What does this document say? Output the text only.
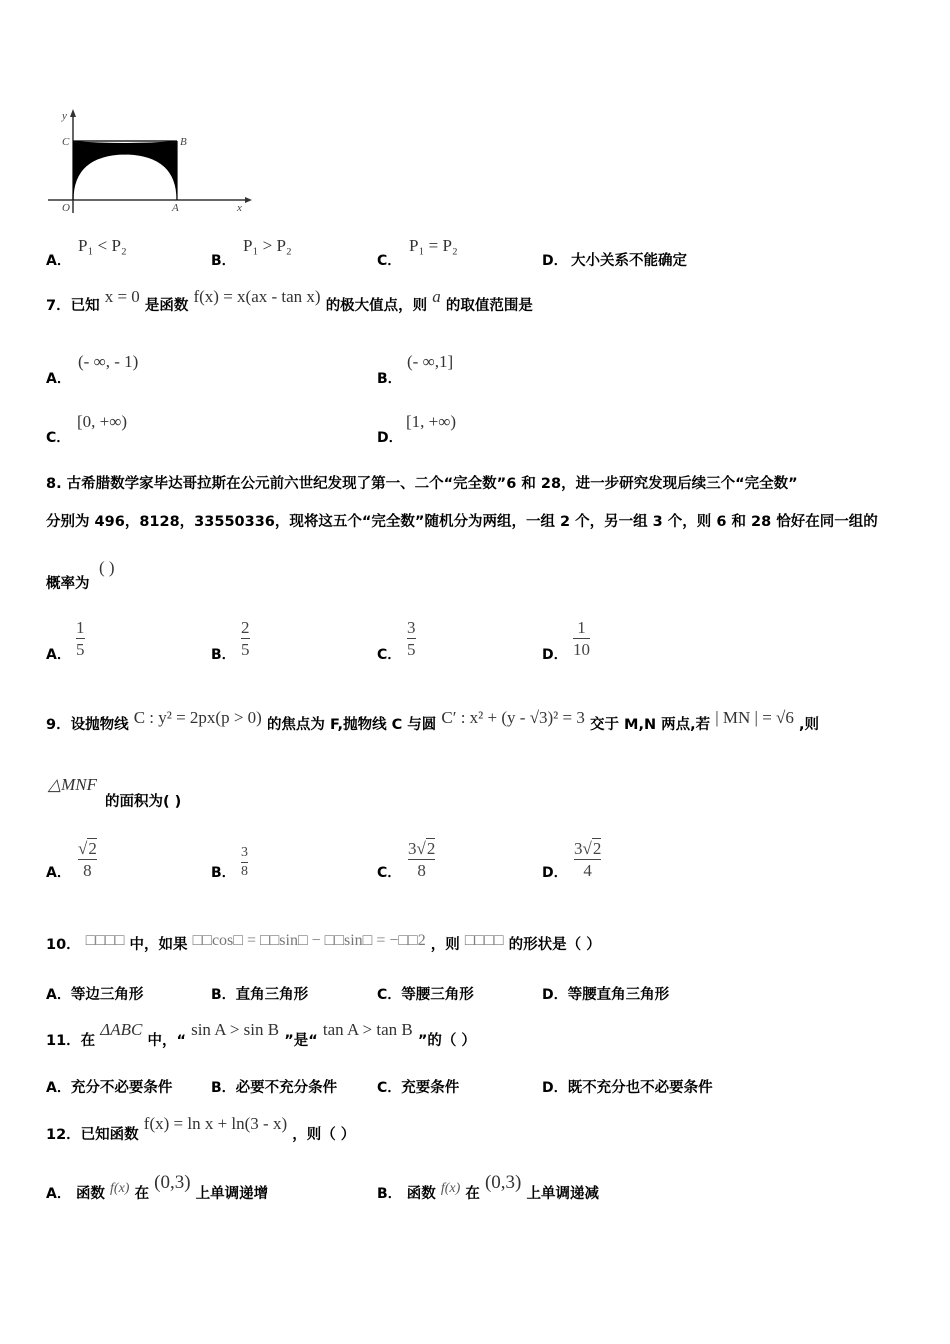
y
x
O	A
B
C
A．
P₁ < P₂
B．
P₁ > P₂
C．
P₁ = P₂
D． 大小关系不能确定
7．已知 x = 0 是函数 f(x) = x(ax - tan x) 的极大值点，则 a 的取值范围是
A．
(- ∞, - 1)
B．
(- ∞,1]
C．
[0, +∞)
D．
[1, +∞)
8. 古希腊数学家毕达哥拉斯在公元前六世纪发现了第一、二个“完全数”6 和 28，进一步研究发现后续三个“完全数”
分别为 496，8128，33550336，现将这五个“完全数”随机分为两组，一组 2 个，另一组 3 个，则 6 和 28 恰好在同一组的
概率为
( )
A．
1
5	B．
2
5	C．
3
5	D．
1
10
9．设抛物线 C : y² = 2px(p > 0) 的焦点为 F,抛物线 C 与圆 C′ : x² + (y - √3)² = 3 交于 M,N 两点,若 | MN | = √6 ,则
△MNF
的面积为( )
A．
√2
8	B．
3
8	C．
3√2
8	D．
3√2
4
10． □□□□ 中，如果 □□cos□ = □□sin□ − □□sin□ = −□□2 ，则 □□□□ 的形状是（ ）
A．等边三角形	B．直角三角形	C．等腰三角形	D．等腰直角三角形
11．在 ΔABC 中，“ sin A > sin B ”是“ tan A > tan B ”的（ ）
A．充分不必要条件	B．必要不充分条件	C．充要条件	D．既不充分也不必要条件
12．已知函数 f(x) = ln x + ln(3 - x) ，则（ ）
A． 函数 f(x) 在 (0,3) 上单调递增	B． 函数 f(x) 在 (0,3) 上单调递减
